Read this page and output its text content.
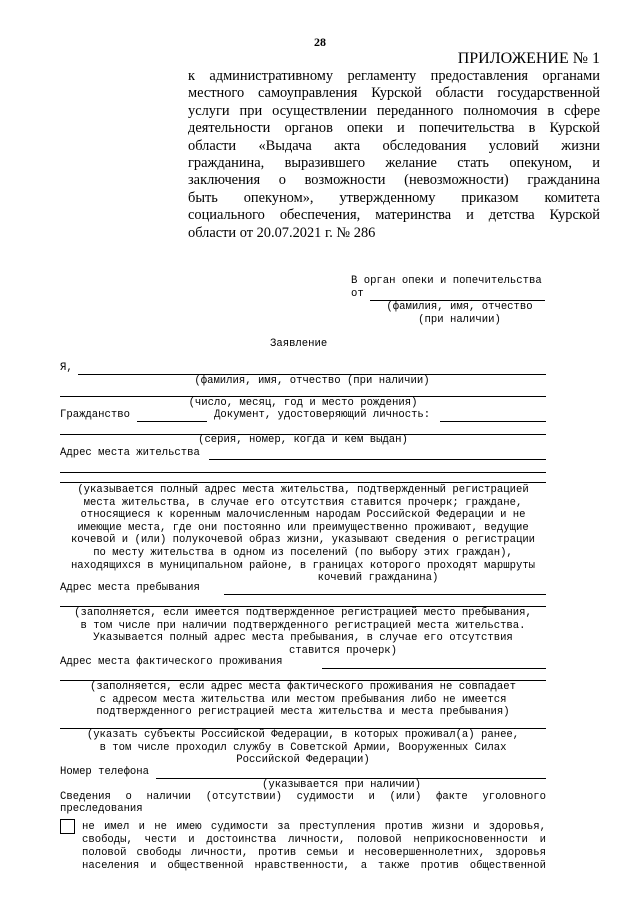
28
ПРИЛОЖЕНИЕ № 1
к административному регламенту предоставления органами
местного самоуправления Курской области государственной
услуги при осуществлении переданного полномочия в сфере
деятельности органов опеки и попечительства в Курской
области «Выдача акта обследования условий жизни
гражданина, выразившего желание стать опекуном, и
заключения о возможности (невозможности) гражданина
быть опекуном», утвержденному приказом комитета
социального обеспечения, материнства и детства Курской
области от 20.07.2021 г. № 286
В орган опеки и попечительства
от
(фамилия, имя, отчество
(при наличии)
Заявление
Я,
(фамилия, имя, отчество (при наличии)
(число, месяц, год и место рождения)
Гражданство	Документ, удостоверяющий личность:
(серия, номер, когда и кем выдан)
Адрес места жительства
(указывается полный адрес места жительства, подтвержденный регистрацией
места жительства, в случае его отсутствия ставится прочерк; граждане,
относящиеся к коренным малочисленным народам Российской Федерации и не
имеющие места, где они постоянно или преимущественно проживают, ведущие
кочевой и (или) полукочевой образ жизни, указывают сведения о регистрации
по месту жительства в одном из поселений (по выбору этих граждан),
находящихся в муниципальном районе, в границах которого проходят маршруты
кочевий гражданина)
Адрес места пребывания
(заполняется, если имеется подтвержденное регистрацией место пребывания,
в том числе при наличии подтвержденного регистрацией места жительства.
Указывается полный адрес места пребывания, в случае его отсутствия
ставится прочерк)
Адрес места фактического проживания
(заполняется, если адрес места фактического проживания не совпадает
с адресом места жительства или местом пребывания либо не имеется
подтвержденного регистрацией места жительства и места пребывания)
(указать субъекты Российской Федерации, в которых проживал(а) ранее,
в том числе проходил службу в Советской Армии, Вооруженных Силах
Российской Федерации)
Номер телефона
(указывается при наличии)
Сведения о наличии (отсутствии) судимости и (или) факте уголовного
преследования
не имел и не имею судимости за преступления против жизни и здоровья,
свободы, чести и достоинства личности, половой неприкосновенности и
половой свободы личности, против семьи и несовершеннолетних, здоровья
населения и общественной нравственности, а также против общественной
